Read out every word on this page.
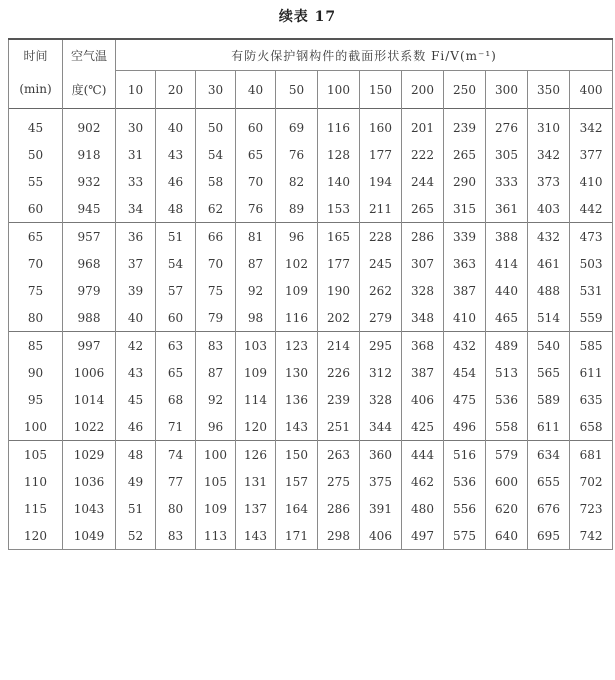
续表 17
时间	空气温	有防火保护钢构件的截面形状系数 Fi/V(m⁻¹)											
(min)	度(℃)	10	20	30	40	50	100	150	200	250	300	350	400
45	902	30	40	50	60	69	116	160	201	239	276	310	342
50	918	31	43	54	65	76	128	177	222	265	305	342	377
55	932	33	46	58	70	82	140	194	244	290	333	373	410
60	945	34	48	62	76	89	153	211	265	315	361	403	442
65	957	36	51	66	81	96	165	228	286	339	388	432	473
70	968	37	54	70	87	102	177	245	307	363	414	461	503
75	979	39	57	75	92	109	190	262	328	387	440	488	531
80	988	40	60	79	98	116	202	279	348	410	465	514	559
85	997	42	63	83	103	123	214	295	368	432	489	540	585
90	1006	43	65	87	109	130	226	312	387	454	513	565	611
95	1014	45	68	92	114	136	239	328	406	475	536	589	635
100	1022	46	71	96	120	143	251	344	425	496	558	611	658
105	1029	48	74	100	126	150	263	360	444	516	579	634	681
110	1036	49	77	105	131	157	275	375	462	536	600	655	702
115	1043	51	80	109	137	164	286	391	480	556	620	676	723
120	1049	52	83	113	143	171	298	406	497	575	640	695	742
